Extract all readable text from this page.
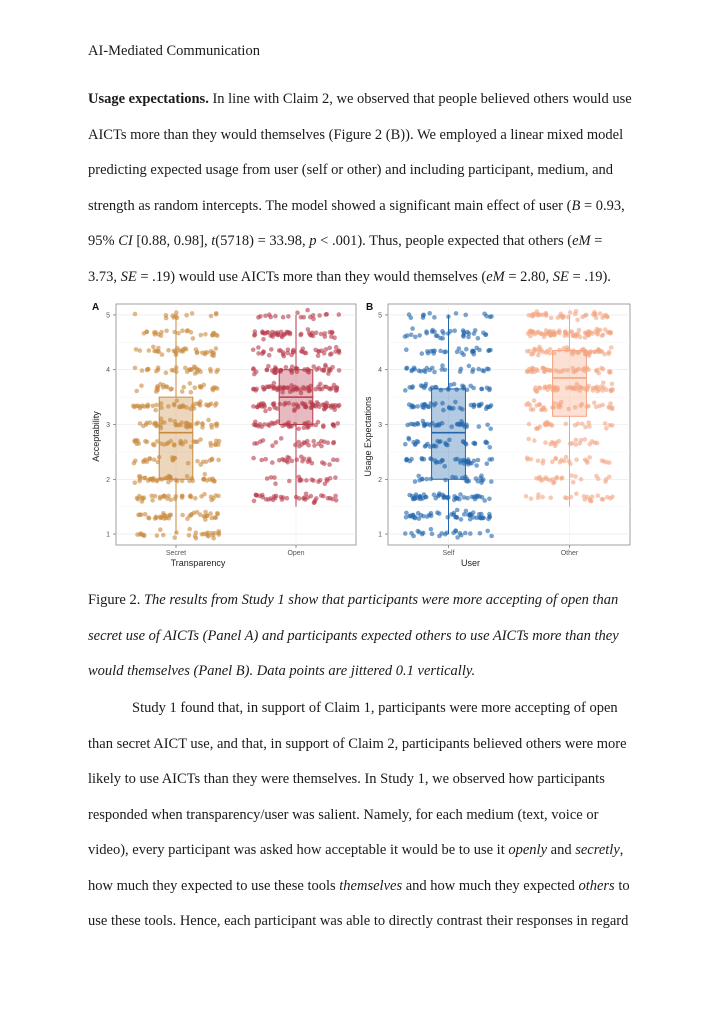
AI-Mediated Communication
Usage expectations. In line with Claim 2, we observed that people believed others would use
AICTs more than they would themselves (Figure 2 (B)). We employed a linear mixed model
predicting expected usage from user (self or other) and including participant, medium, and
strength as random intercepts. The model showed a significant main effect of user (B = 0.93,
95% CI [0.88, 0.98], t(5718) = 33.98, p < .001). Thus, people expected that others (eM =
3.73, SE = .19) would use AICTs more than they would themselves (eM = 2.80, SE = .19).
1
2
3
4
5
Secret	Open
Transparency
Acceptability
A
1
2
3
4
5
Self	Other
User
Usage Expectations
B
Figure 2. The results from Study 1 show that participants were more accepting of open than
secret use of AICTs (Panel A) and participants expected others to use AICTs more than they
would themselves (Panel B). Data points are jittered 0.1 vertically.
Study 1 found that, in support of Claim 1, participants were more accepting of open
than secret AICT use, and that, in support of Claim 2, participants believed others were more
likely to use AICTs than they were themselves. In Study 1, we observed how participants
responded when transparency/user was salient. Namely, for each medium (text, voice or
video), every participant was asked how acceptable it would be to use it openly and secretly,
how much they expected to use these tools themselves and how much they expected others to
use these tools. Hence, each participant was able to directly contrast their responses in regard
